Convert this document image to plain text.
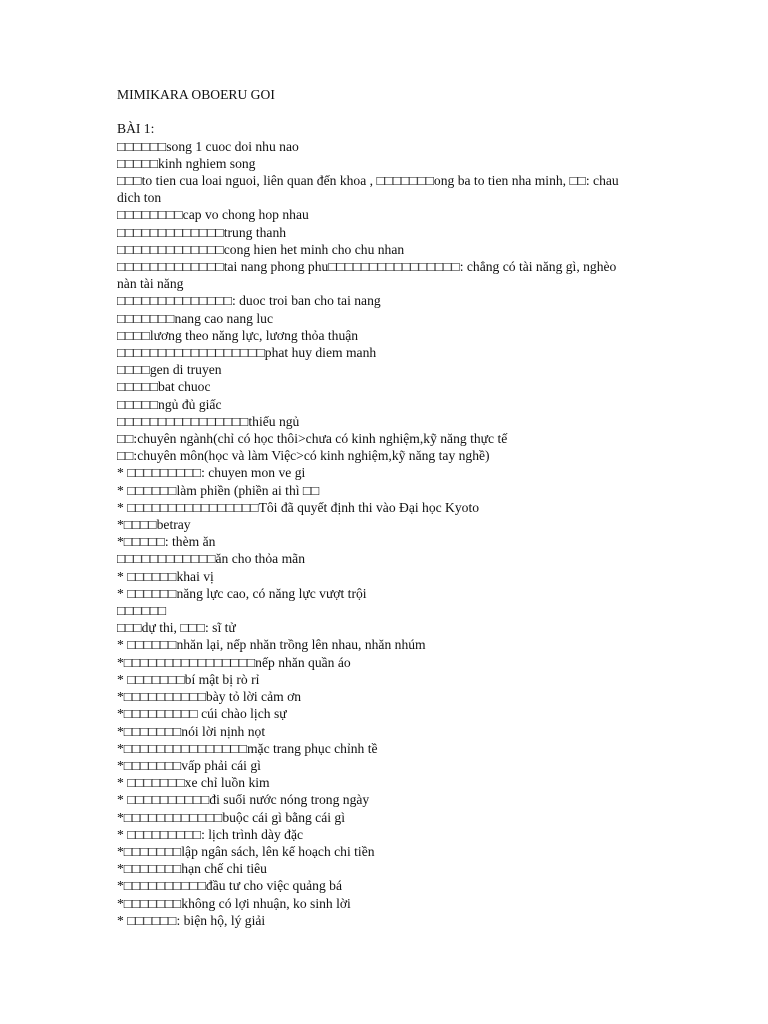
MIMIKARA OBOERU GOI

BÀI 1:

□□□□□□song 1 cuoc doi nhu nao

□□□□□kinh nghiem song

□□□to tien cua loai nguoi, liên quan đến khoa , □□□□□□□ong ba to tien nha minh, □□: chau dich ton

□□□□□□□□cap vo chong hop nhau

□□□□□□□□□□□□□trung thanh

□□□□□□□□□□□□□cong hien het minh cho chu nhan

□□□□□□□□□□□□□tai nang phong phu□□□□□□□□□□□□□□□□: chẳng có tài năng gì, nghèo nàn tài năng

□□□□□□□□□□□□□□: duoc troi ban cho tai nang

□□□□□□□nang cao nang luc

□□□□lương theo năng lực, lương thỏa thuận

□□□□□□□□□□□□□□□□□□phat huy diem manh

□□□□gen di truyen

□□□□□bat chuoc

□□□□□ngủ đủ giấc

□□□□□□□□□□□□□□□□thiếu ngủ

□□:chuyên ngành(chỉ có học thôi>chưa có kinh nghiệm,kỹ năng thực tế

□□:chuyên môn(học và làm Việc>có kinh nghiệm,kỹ năng tay nghề)

* □□□□□□□□□: chuyen mon ve gi

* □□□□□□làm phiền (phiền ai thì □□

* □□□□□□□□□□□□□□□□Tôi đã quyết định thi vào Đại học Kyoto

*□□□□betray

*□□□□□: thèm ăn

□□□□□□□□□□□□ăn cho thỏa mãn

* □□□□□□khai vị

* □□□□□□năng lực cao, có năng lực vượt trội

□□□□□□

□□□dự thi, □□□: sĩ tử

* □□□□□□nhăn lại, nếp nhăn trồng lên nhau, nhăn nhúm

*□□□□□□□□□□□□□□□□nếp nhăn quần áo

* □□□□□□□bí mật bị rò rỉ

*□□□□□□□□□□bày tỏ lời cảm ơn

*□□□□□□□□□ cúi chào lịch sự

*□□□□□□□nói lời nịnh nọt

*□□□□□□□□□□□□□□□mặc trang phục chỉnh tề

*□□□□□□□vấp phải cái gì

* □□□□□□□xe chỉ luồn kim

* □□□□□□□□□□đi suối nước nóng trong ngày

*□□□□□□□□□□□□buộc cái gì bằng cái gì

* □□□□□□□□□: lịch trình dày đặc

*□□□□□□□lập ngân sách, lên kế hoạch chi tiền

*□□□□□□□hạn chế chi tiêu

*□□□□□□□□□□đầu tư cho việc quảng bá

*□□□□□□□không có lợi nhuận, ko sinh lời

* □□□□□□: biện hộ, lý giải
